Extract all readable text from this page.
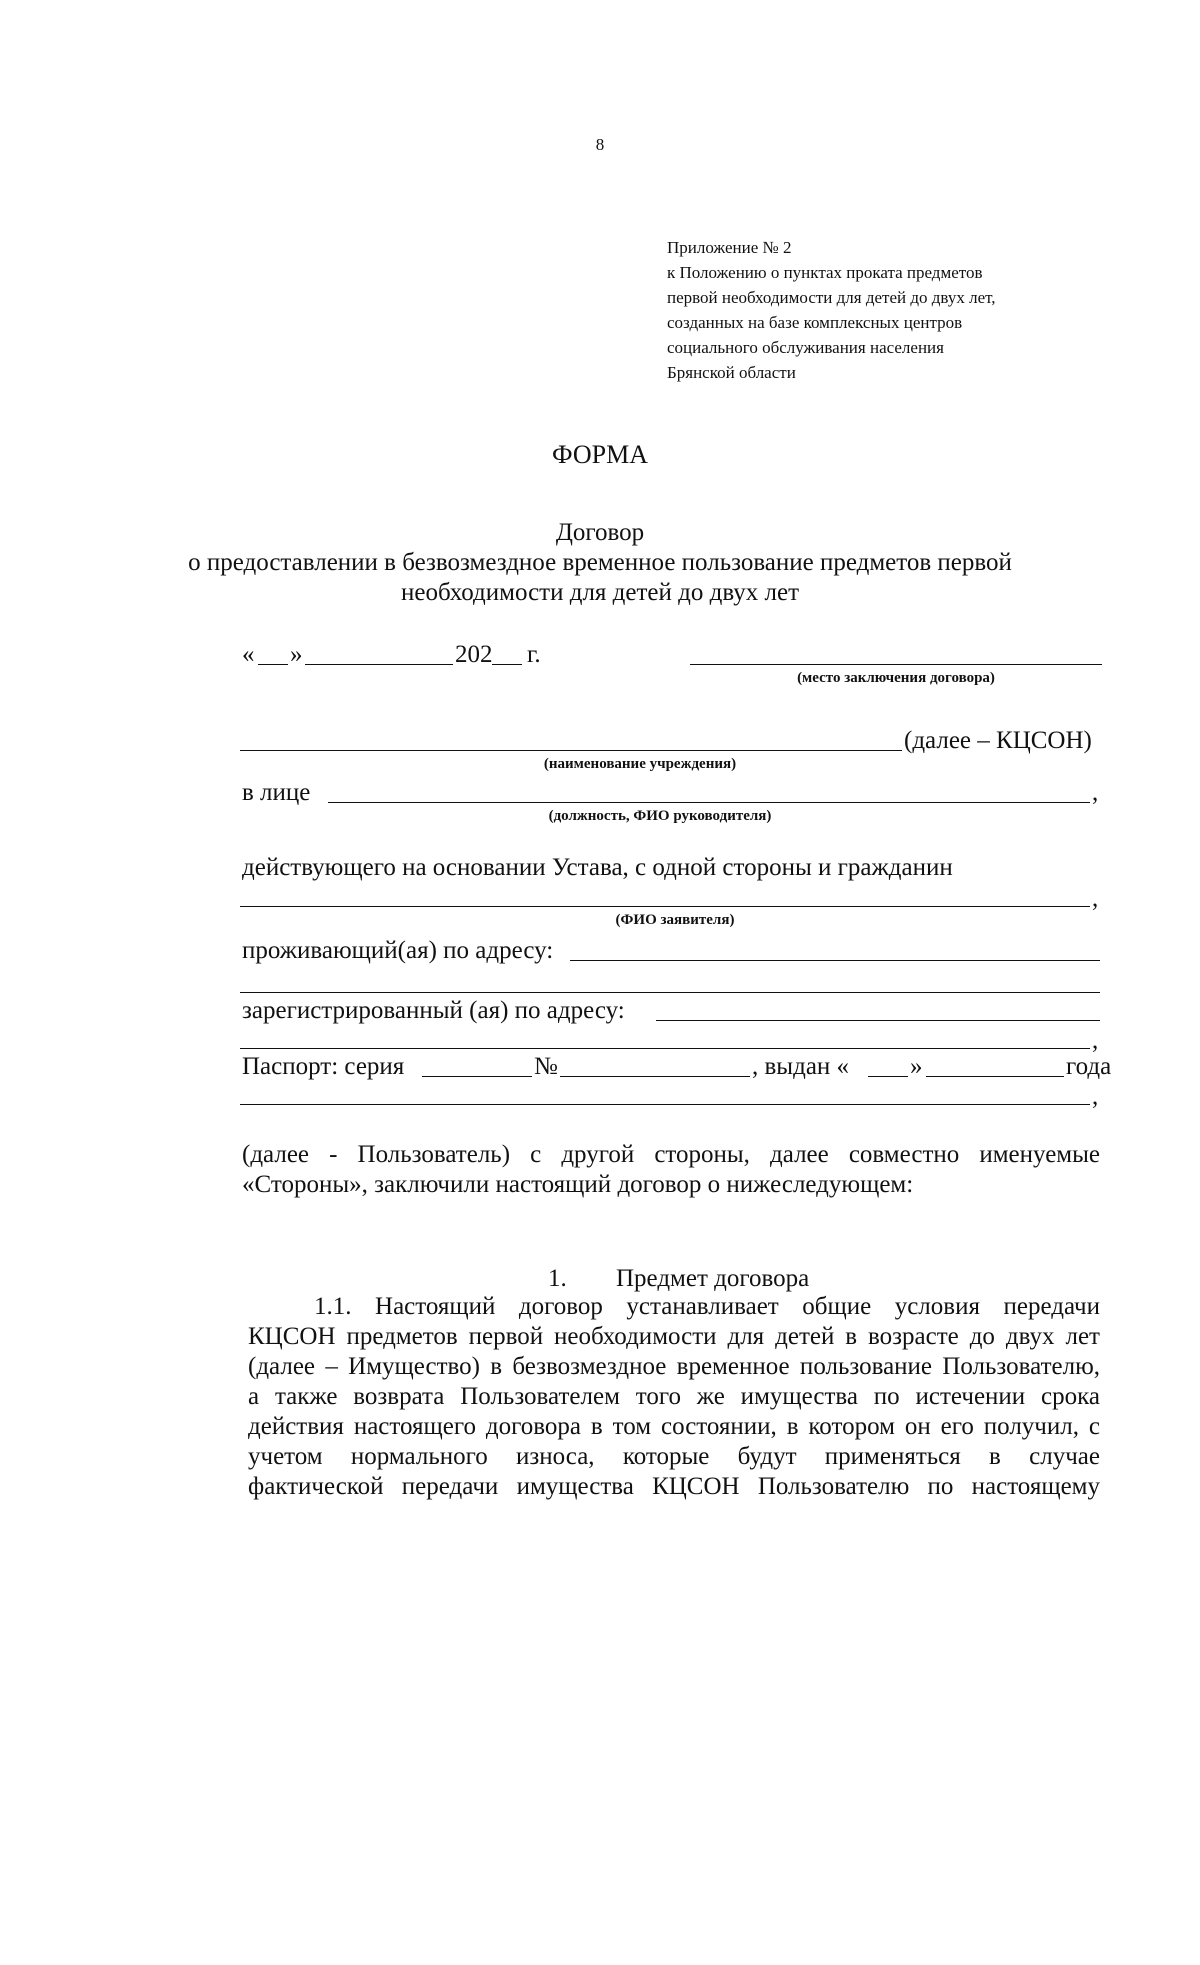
8
Приложение № 2
к Положению о пунктах проката предметов
первой необходимости для детей до двух лет,
созданных на базе комплексных центров
социального обслуживания населения
Брянской области
ФОРМА
Договор
о предоставлении в безвозмездное временное пользование предметов первой
необходимости для детей до двух лет
« »	202 г.
(место заключения договора)
(далее – КЦСОН)
(наименование учреждения)
в лице	,
(должность, ФИО руководителя)
действующего на основании Устава, с одной стороны и гражданин
,
(ФИО заявителя)
проживающий(ая) по адресу:
зарегистрированный (ая) по адресу:
,
Паспорт: серия	№	, выдан « »	года
,
(далее - Пользователь) с другой стороны, далее совместно именуемые
«Стороны», заключили настоящий договор о нижеследующем:
1. Предмет договора
1.1. Настоящий договор устанавливает общие условия передачи
КЦСОН предметов первой необходимости для детей в возрасте до двух лет
(далее – Имущество) в безвозмездное временное пользование Пользователю,
а также возврата Пользователем того же имущества по истечении срока
действия настоящего договора в том состоянии, в котором он его получил, с
учетом нормального износа, которые будут применяться в случае
фактической передачи имущества КЦСОН Пользователю по настоящему
